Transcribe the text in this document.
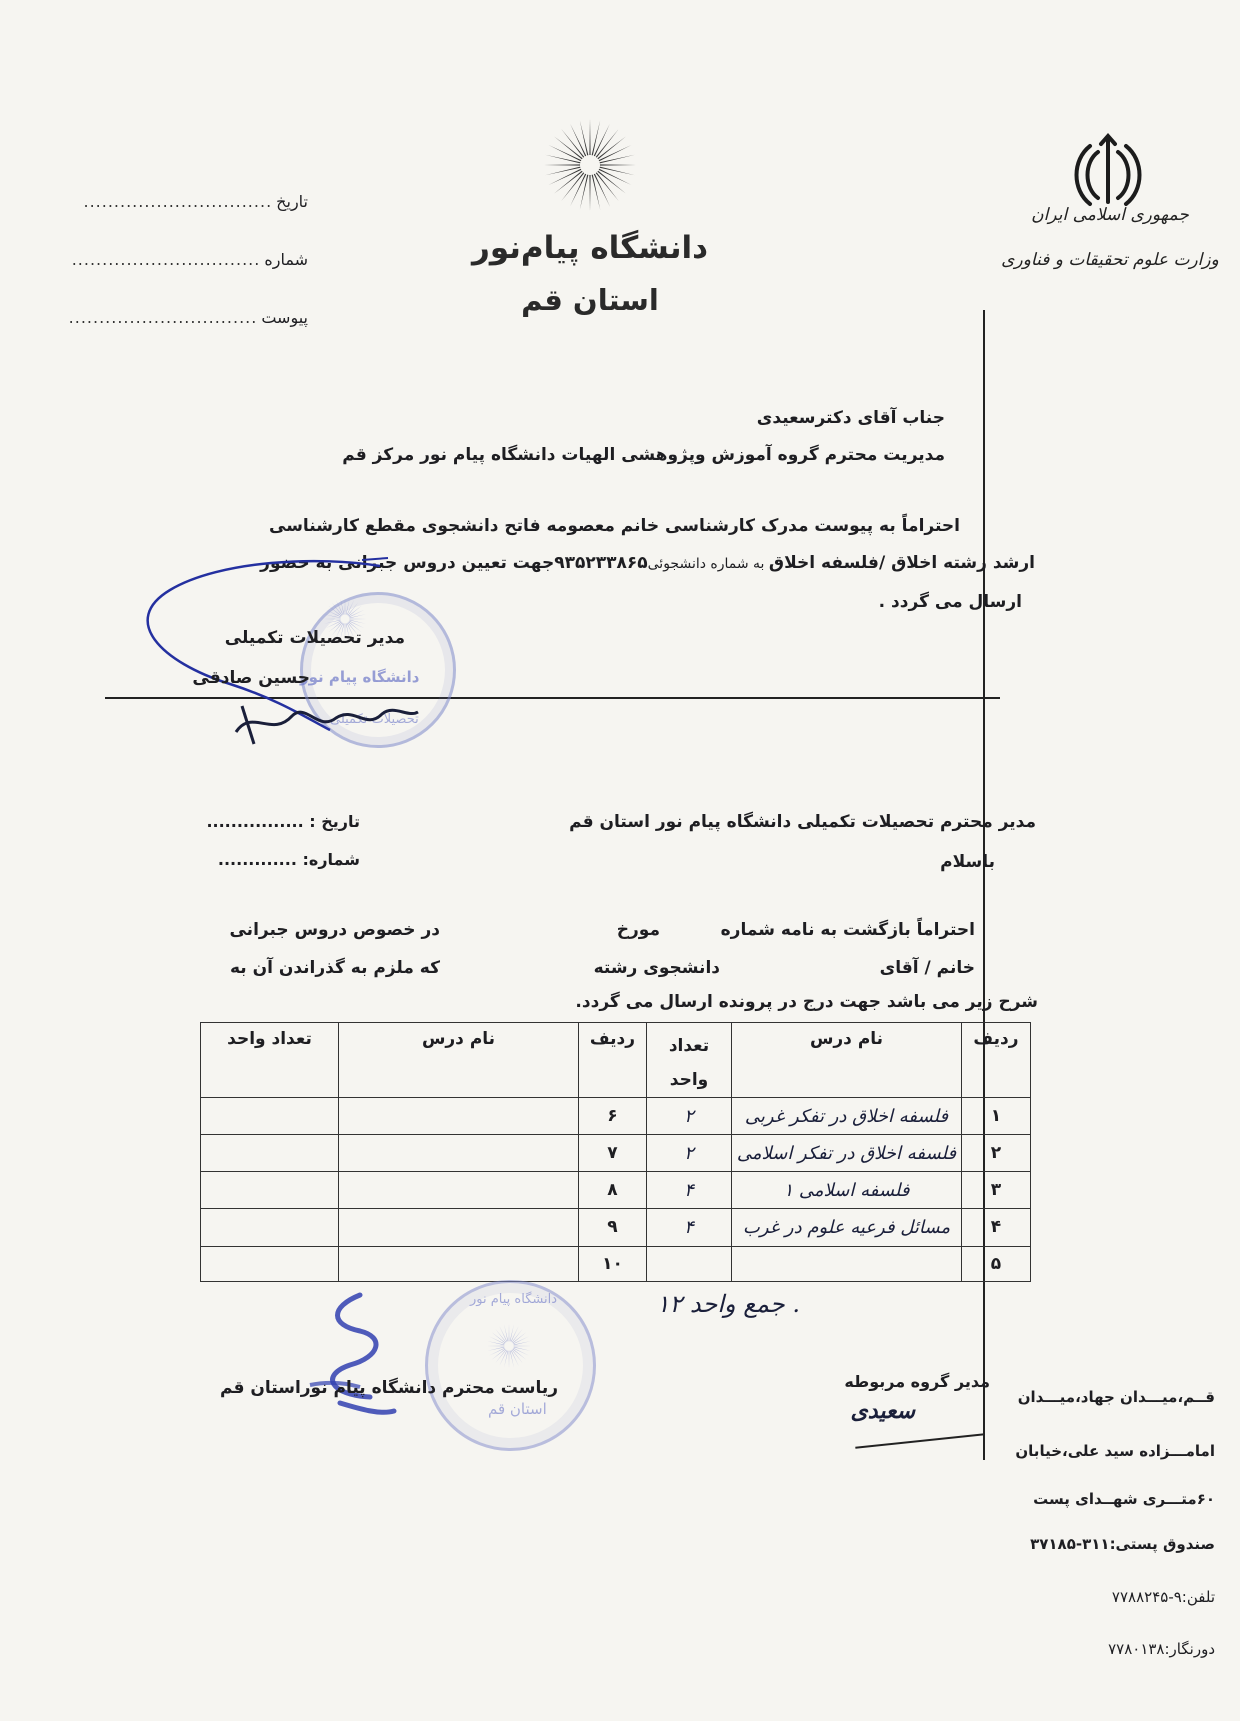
تاریخ
...............................
شماره
...............................
پیوست
...............................
دانشگاه پیام‌نور
استان قم
جمهوری اسلامی ایران
وزارت علوم تحقیقات و فناوری
جناب آقای دکترسعیدی
مدیریت محترم گروه آموزش وپژوهشی الهیات دانشگاه پیام نور مرکز قم
احتراماً به پیوست مدرک کارشناسی خانم معصومه فاتح دانشجوی مقطع کارشناسی
ارشد رشته اخلاق /فلسفه اخلاق به شماره دانشجوئی۹۳۵۲۳۳۸۶۵جهت تعیین دروس جبرانی به حضور
ارسال می گردد .
دانشگاه پیام نور
تحصیلات تکمیلی
مدیر تحصیلات تکمیلی
حسین صادقی
تاریخ : ................
شماره: .............
مدیر محترم تحصیلات تکمیلی دانشگاه پیام نور استان قم
باسلام
احتراماً بازگشت به نامه شماره
مورخ
در خصوص دروس جبرانی
خانم / آقای
دانشجوی رشته
که ملزم به گذراندن آن به
شرح زیر می باشد جهت درج در پرونده ارسال می گردد.
ردیف	نام درس	تعداد واحد	ردیف	نام درس	تعداد واحد
۱	فلسفه اخلاق در تفکر غربی	۲	۶		
۲	فلسفه اخلاق در تفکر اسلامی	۲	۷		
۳	فلسفه اسلامی ۱	۴	۸		
۴	مسائل فرعیه علوم در غرب	۴	۹		
۵			۱۰		
. جمع واحد ۱۲
دانشگاه پیام نور
استان قم
ریاست محترم دانشگاه پیام نوراستان قم	مدیر گروه مربوطه
سعیدی
قــم،میـــدان جهاد،میـــدان
امامـــزاده سید علی،خیابان
۶۰متـــری شهــدای پست
صندوق پستی:۳۱۱-۳۷۱۸۵
تلفن:۹-۷۷۸۸۲۴۵
دورنگار:۷۷۸۰۱۳۸
